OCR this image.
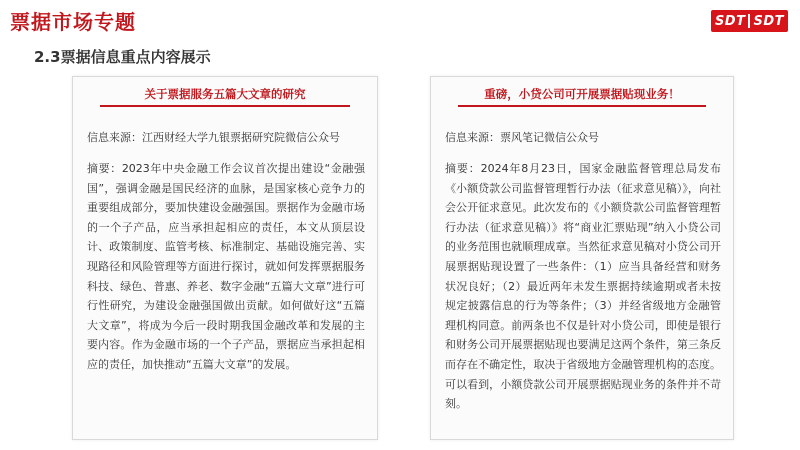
票据市场专题	SDT SDT
2.3票据信息重点内容展示
关于票据服务五篇大文章的研究
信息来源：江西财经大学九银票据研究院微信公众号
摘要：2023年中央金融工作会议首次提出建设“金融强国”，强调金融是国民经济的血脉，是国家核心竞争力的重要组成部分，要加快建设金融强国。票据作为金融市场的一个子产品，应当承担起相应的责任，本文从顶层设计、政策制度、监管考核、标准制定、基础设施完善、实现路径和风险管理等方面进行探讨，就如何发挥票据服务科技、绿色、普惠、养老、数字金融“五篇大文章”进行可行性研究，为建设金融强国做出贡献。如何做好这“五篇大文章”，将成为今后一段时期我国金融改革和发展的主要内容。作为金融市场的一个子产品，票据应当承担起相应的责任，加快推动“五篇大文章”的发展。
重磅，小贷公司可开展票据贴现业务！
信息来源：票风笔记微信公众号
摘要：2024年8月23日，国家金融监督管理总局发布《小额贷款公司监督管理暂行办法（征求意见稿）》，向社会公开征求意见。此次发布的《小额贷款公司监督管理暂行办法（征求意见稿）》将“商业汇票贴现”纳入小贷公司的业务范围也就顺理成章。当然征求意见稿对小贷公司开展票据贴现设置了一些条件：（1）应当具备经营和财务状况良好；（2）最近两年未发生票据持续逾期或者未按规定披露信息的行为等条件；（3）并经省级地方金融管理机构同意。前两条也不仅是针对小贷公司，即使是银行和财务公司开展票据贴现也要满足这两个条件，第三条反而存在不确定性，取决于省级地方金融管理机构的态度。可以看到，小额贷款公司开展票据贴现业务的条件并不苛刻。
